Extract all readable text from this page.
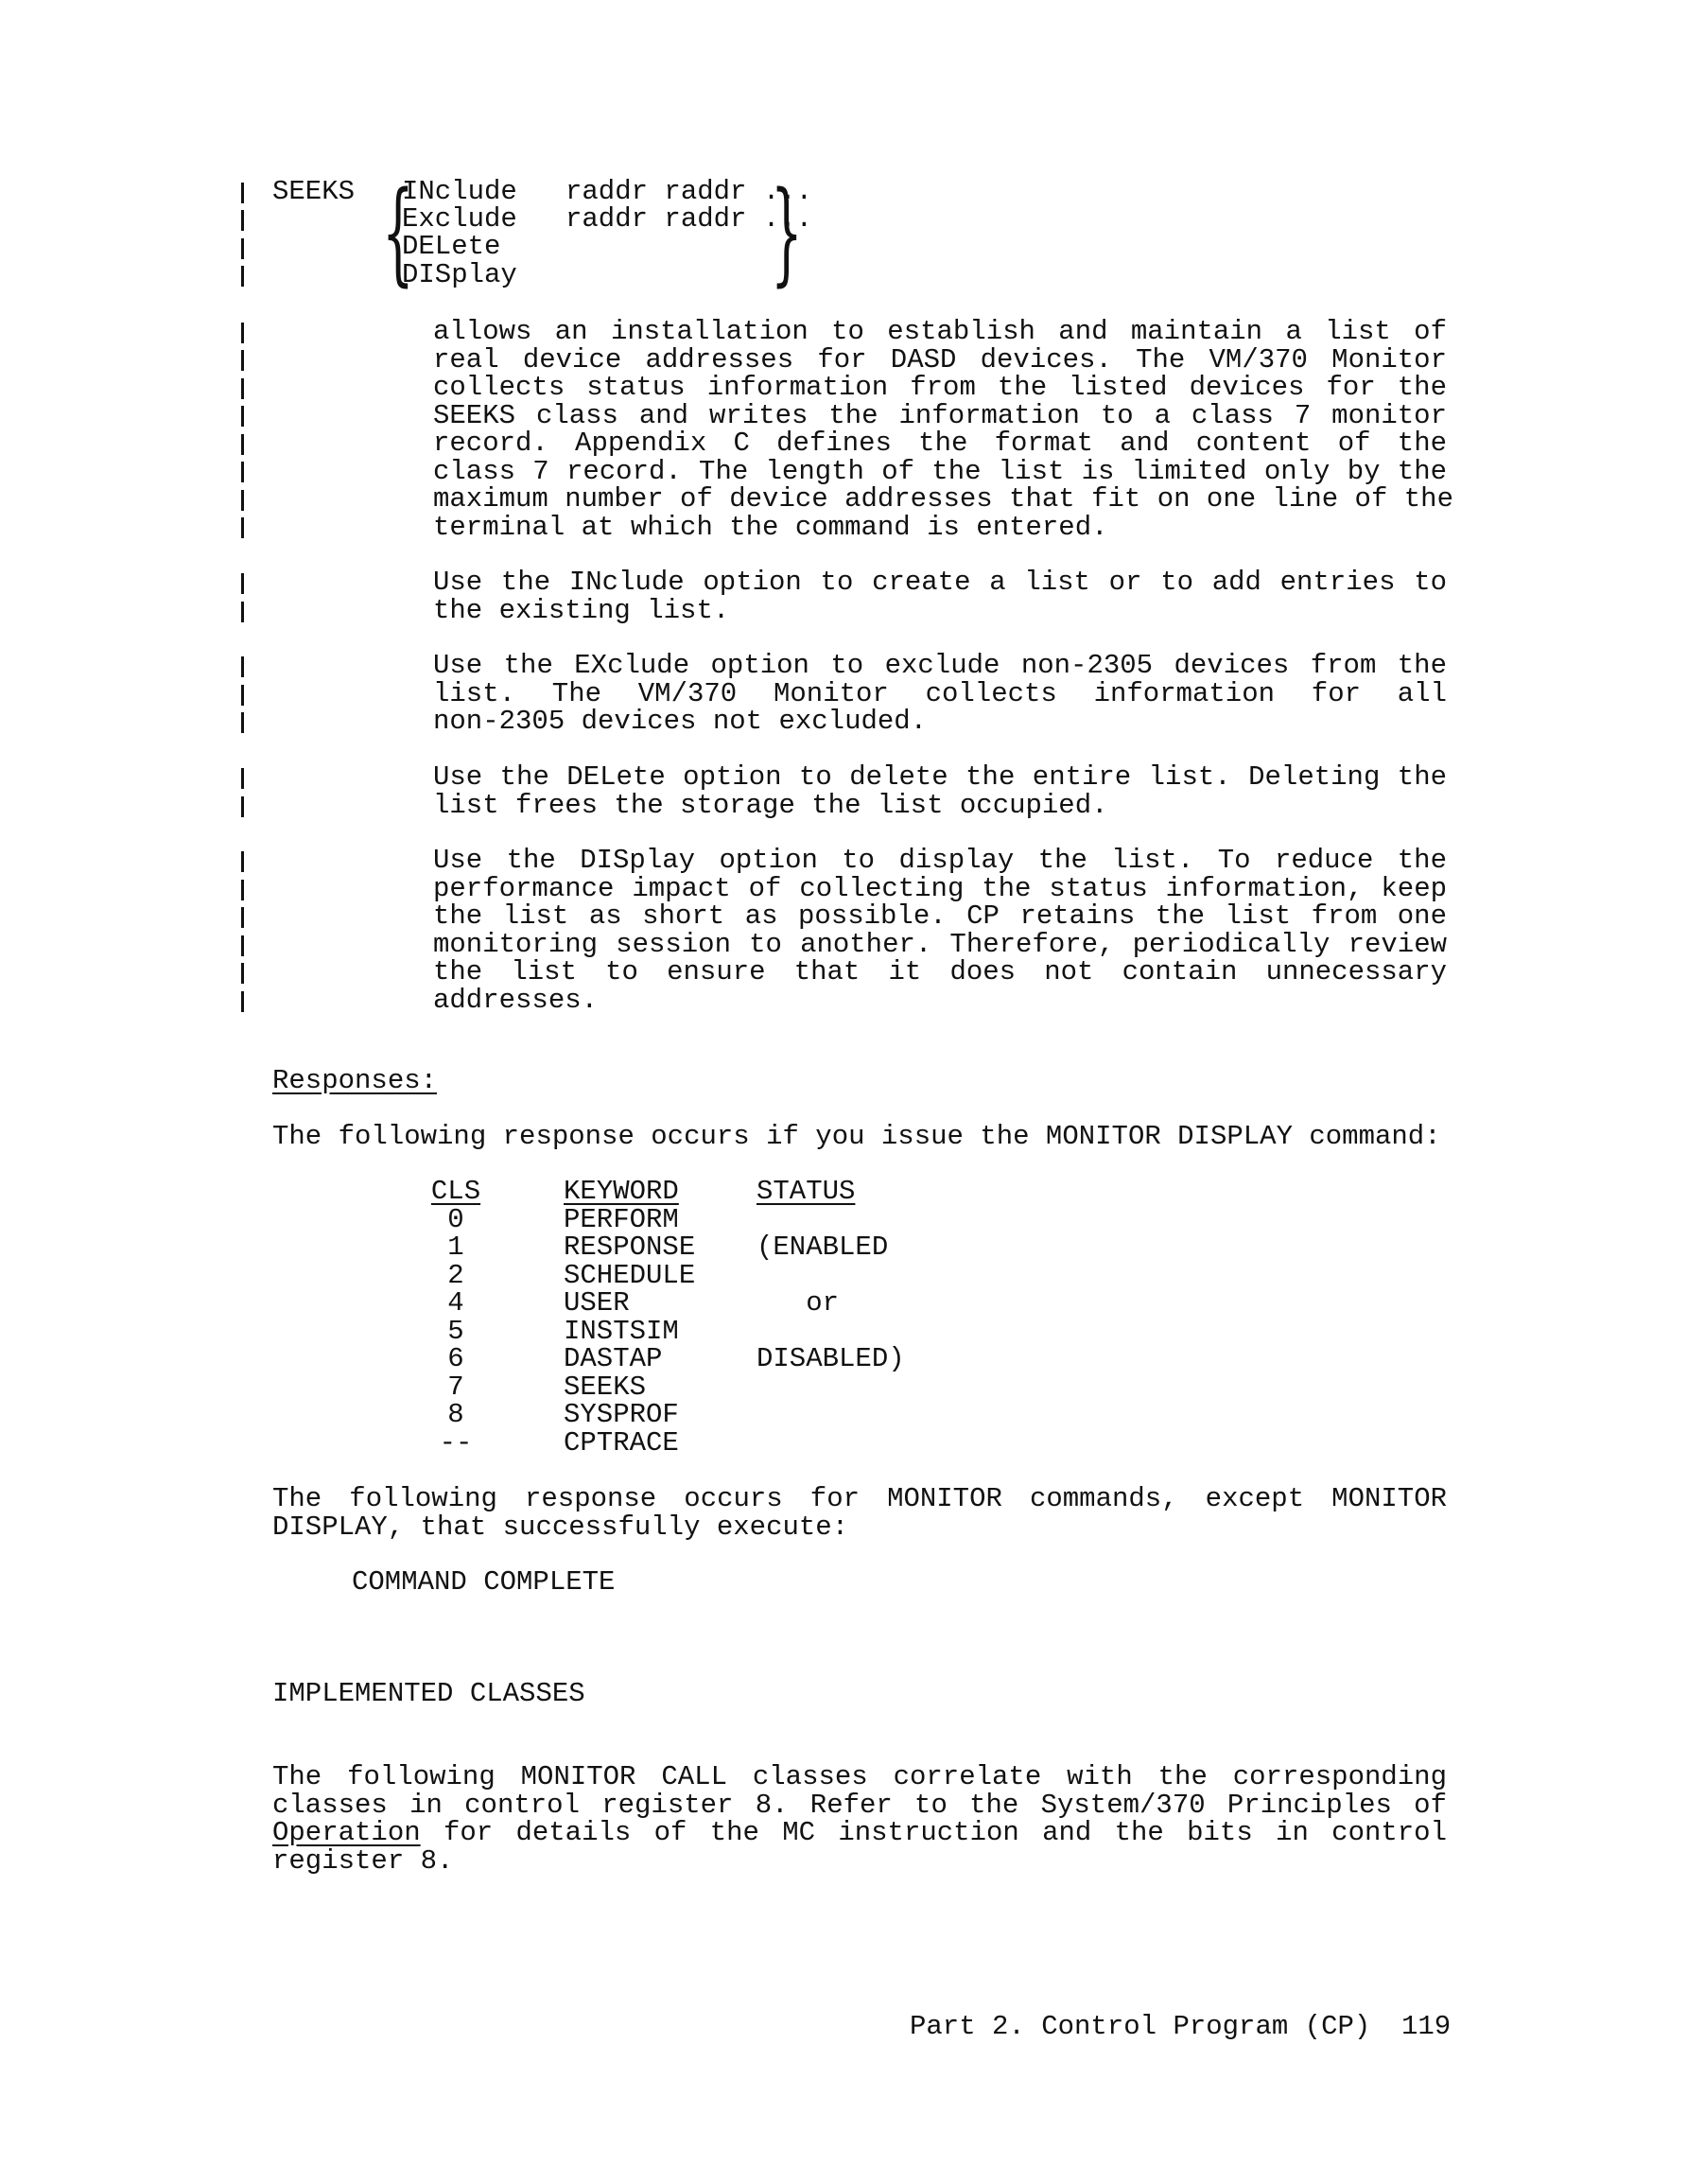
SEEKS {
INclude raddr raddr ...
Exclude raddr raddr ...
DELete
DISplay }
allows an installation to establish and maintain a list of
real device addresses for DASD devices. The VM/370 Monitor
collects status information from the listed devices for the
SEEKS class and writes the information to a class 7 monitor
record. Appendix C defines the format and content of the
class 7 record. The length of the list is limited only by the
maximum number of device addresses that fit on one line of the
terminal at which the command is entered.
Use the INclude option to create a list or to add entries to
the existing list.
Use the EXclude option to exclude non-2305 devices from the
list. The VM/370 Monitor collects information for all
non-2305 devices not excluded.
Use the DELete option to delete the entire list. Deleting the
list frees the storage the list occupied.
Use the DISplay option to display the list. To reduce the
performance impact of collecting the status information, keep
the list as short as possible. CP retains the list from one
monitoring session to another. Therefore, periodically review
the list to ensure that it does not contain unnecessary
addresses.
Responses:
The following response occurs if you issue the MONITOR DISPLAY command:
CLS	KEYWORD	STATUS
0	PERFORM
1	RESPONSE (ENABLED
2	SCHEDULE
4	USER	or
5	INSTSIM
6	DASTAP	DISABLED)
7	SEEKS
8	SYSPROF
--	CPTRACE
The following response occurs for MONITOR commands, except MONITOR
DISPLAY, that successfully execute:
COMMAND COMPLETE
IMPLEMENTED CLASSES
The following MONITOR CALL classes correlate with the corresponding
classes in control register 8. Refer to the System/370 Principles of
Operation for details of the MC instruction and the bits in control
register 8.
Part 2. Control Program (CP) 119
